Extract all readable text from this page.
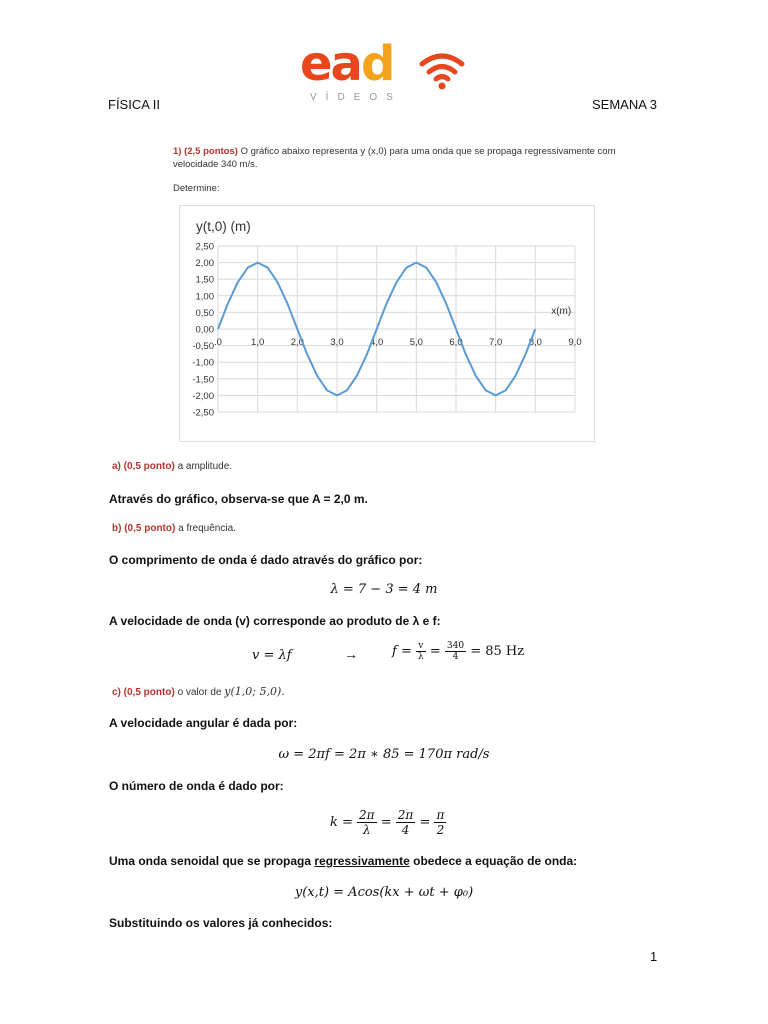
FÍSICA II	SEMANA 3
ead
VÍDEOS
1) (2,5 pontos) O gráfico abaixo representa y (x,0) para uma onda que se propaga regressivamente com
velocidade 340 m/s.
Determine:
2,50
2,00
1,50
1,00
0,50
0,00
-0,50
-1,00
-1,50
-2,00
-2,50
.0	1,0	2,0	3,0	4,0	5,0	6,0	7,0	8,0	9,0
y(t,0) (m)
x(m)
a) (0,5 ponto) a amplitude.
Através do gráfico, observa-se que A = 2,0 m.
b) (0,5 ponto) a frequência.
O comprimento de onda é dado através do gráfico por:
λ = 7 − 3 = 4 m
A velocidade de onda (v) corresponde ao produto de λ e f:
v = λf	→	$f = \frac{v}{\lambda} = \frac{340}{4} = 85$ Hz
c) (0,5 ponto) o valor de y(1,0; 5,0).
A velocidade angular é dada por:
ω = 2πf = 2π ∗ 85 = 170π rad/s
O número de onda é dado por:
$k = \frac{2\pi}{\lambda} = \frac{2\pi}{4} = \frac{\pi}{2}$
Uma onda senoidal que se propaga regressivamente obedece a equação de onda:
y(x,t) = Acos(kx + ωt + φ₀)
Substituindo os valores já conhecidos:
1
